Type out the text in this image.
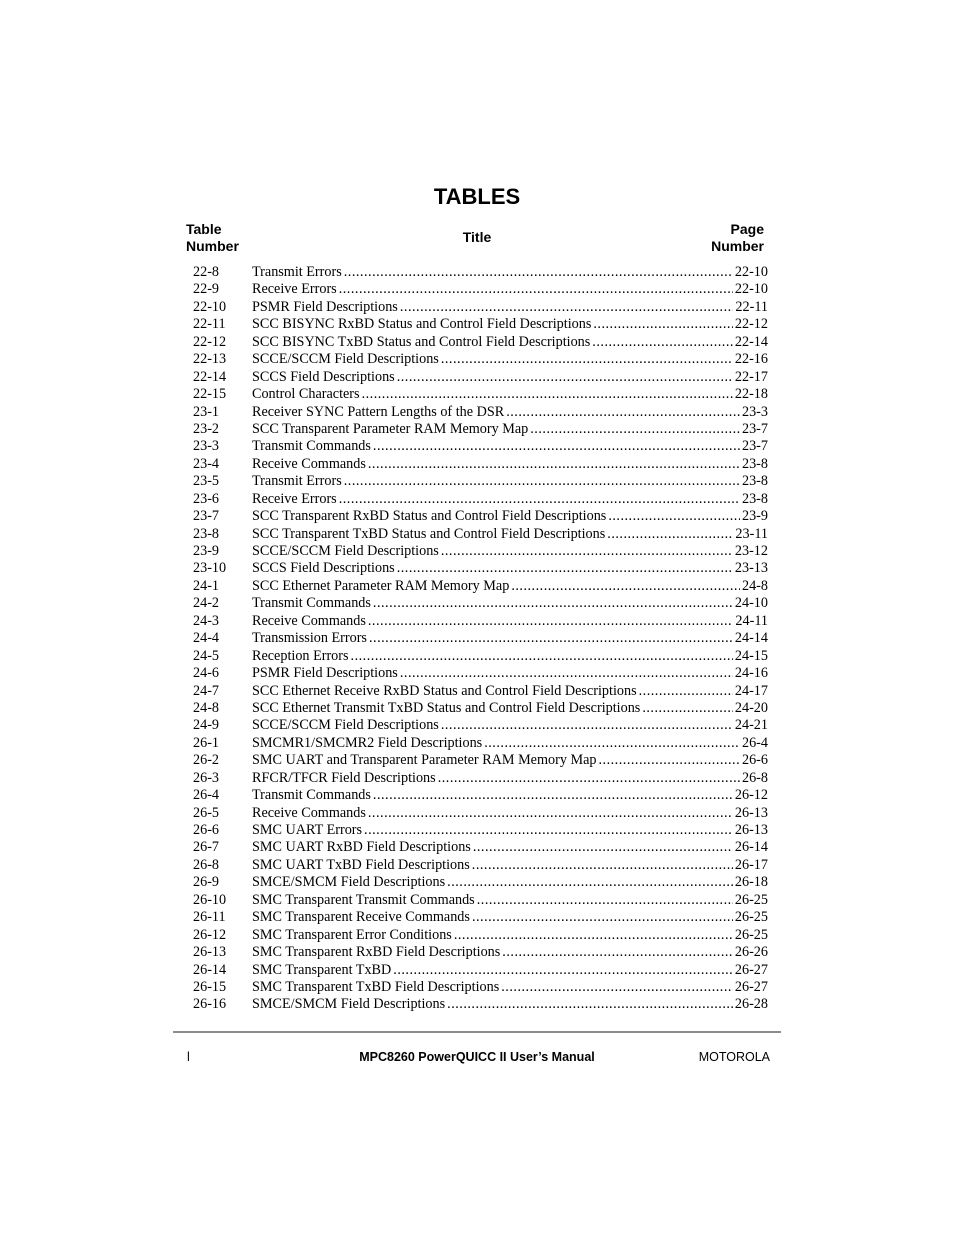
TABLES
Table
Number
Title	Page
Number
22-8	Transmit Errors .....	22-10
22-9	Receive Errors .....	22-10
22-10	PSMR Field Descriptions .....	22-11
22-11	SCC BISYNC RxBD Status and Control Field Descriptions .....	22-12
22-12	SCC BISYNC TxBD Status and Control Field Descriptions .....	22-14
22-13	SCCE/SCCM Field Descriptions .....	22-16
22-14	SCCS Field Descriptions .....	22-17
22-15	Control Characters .....	22-18
23-1	Receiver SYNC Pattern Lengths of the DSR .....	23-3
23-2	SCC Transparent Parameter RAM Memory Map .....	23-7
23-3	Transmit Commands .....	23-7
23-4	Receive Commands .....	23-8
23-5	Transmit Errors .....	23-8
23-6	Receive Errors .....	23-8
23-7	SCC Transparent RxBD Status and Control Field Descriptions .....	23-9
23-8	SCC Transparent TxBD Status and Control Field Descriptions .....	23-11
23-9	SCCE/SCCM Field Descriptions .....	23-12
23-10	SCCS Field Descriptions .....	23-13
24-1	SCC Ethernet Parameter RAM Memory Map .....	24-8
24-2	Transmit Commands .....	24-10
24-3	Receive Commands .....	24-11
24-4	Transmission Errors .....	24-14
24-5	Reception Errors .....	24-15
24-6	PSMR Field Descriptions .....	24-16
24-7	SCC Ethernet Receive RxBD Status and Control Field Descriptions .....	24-17
24-8	SCC Ethernet Transmit TxBD Status and Control Field Descriptions .....	24-20
24-9	SCCE/SCCM Field Descriptions .....	24-21
26-1	SMCMR1/SMCMR2 Field Descriptions .....	26-4
26-2	SMC UART and Transparent Parameter RAM Memory Map .....	26-6
26-3	RFCR/TFCR Field Descriptions .....	26-8
26-4	Transmit Commands .....	26-12
26-5	Receive Commands .....	26-13
26-6	SMC UART Errors .....	26-13
26-7	SMC UART RxBD Field Descriptions .....	26-14
26-8	SMC UART TxBD Field Descriptions .....	26-17
26-9	SMCE/SMCM Field Descriptions .....	26-18
26-10	SMC Transparent Transmit Commands .....	26-25
26-11	SMC Transparent Receive Commands .....	26-25
26-12	SMC Transparent Error Conditions .....	26-25
26-13	SMC Transparent RxBD Field Descriptions .....	26-26
26-14	SMC Transparent TxBD .....	26-27
26-15	SMC Transparent TxBD Field Descriptions .....	26-27
26-16	SMCE/SMCM Field Descriptions .....	26-28
l	MPC8260 PowerQUICC II User’s Manual	MOTOROLA
